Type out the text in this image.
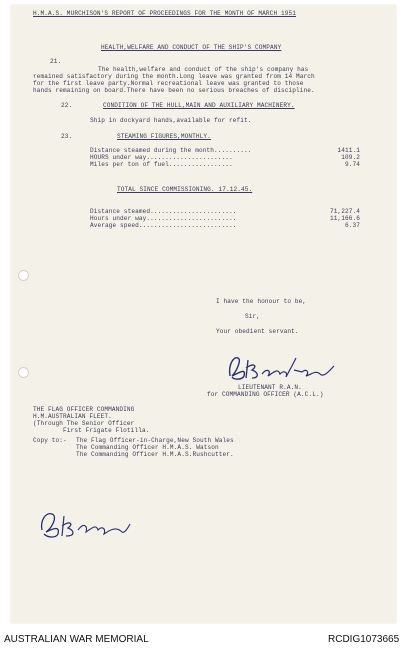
H.M.A.S. MURCHISON'S REPORT OF PROCEEDINGS FOR THE MONTH OF MARCH 1951
HEALTH,WELFARE AND CONDUCT OF THE SHIP'S COMPANY
21.
The health,welfare and conduct of the ship's company has
remained satisfactory during the month.Long leave was granted from 14 March
for the first leave party.Normal recreational leave was granted to those
hands remaining on board.There have been no serious breaches of discipline.
22.	CONDITION OF THE HULL,MAIN AND AUXILIARY MACHINERY.
Ship in dockyard hands,available for refit.
23.	STEAMING FIGURES,MONTHLY.
Distance steamed during the month..........	1411.1
HOURS under way.......................	109.2
Miles per ton of fuel.................	9.74
TOTAL SINCE COMMISSIONING. 17.12.45.
Distance steamed.......................	71,227.4
Hours under way........................	11,166.6
Average speed..........................	6.37
I have the honour to be,
Sir,
Your obedient servant.
LIEUTENANT R.A.N.
for COMMANDING OFFICER (A.C.L.)
THE FLAG OFFICER COMMANDING
H.M.AUSTRALIAN FLEET.
(Through The Senior Officer
First Frigate Flotilla.
Copy to:- The Flag Officer-in-Charge,New South Wales
The Commanding Officer H.M.A.S. Watson
The Commanding Officer H.M.A.S.Rushcutter.
AUSTRALIAN WAR MEMORIAL	RCDIG1073665
